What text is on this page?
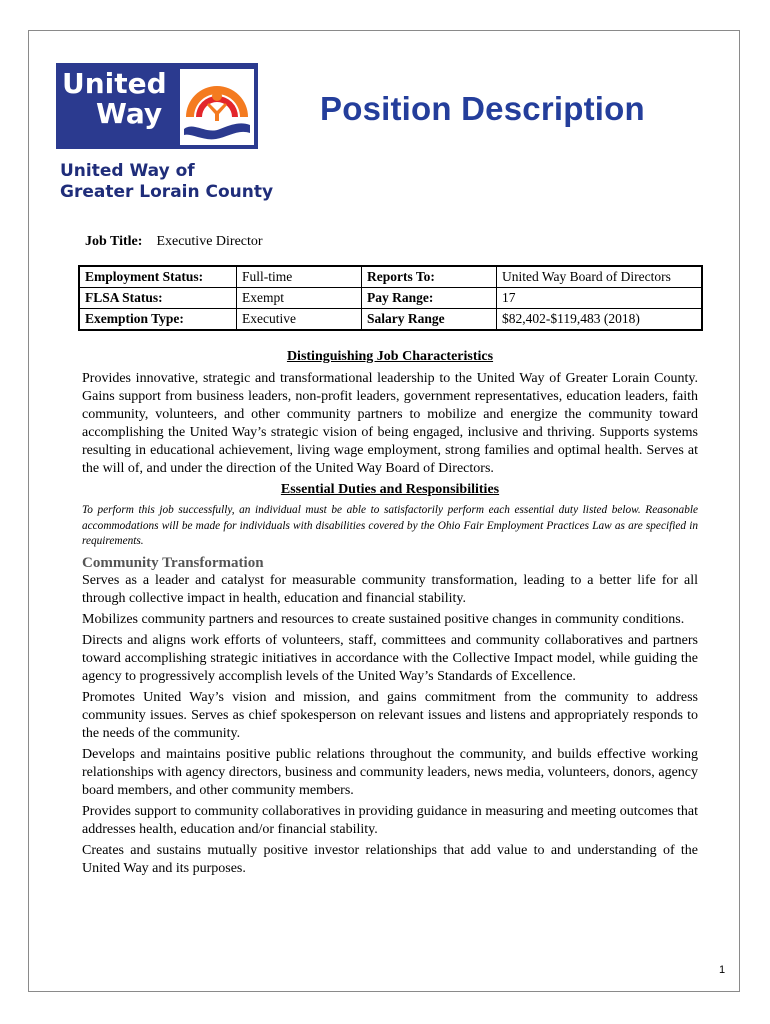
United
Way
®
United Way of
Greater Lorain County
Position Description
Job Title: Executive Director
Employment Status:	Full-time	Reports To:	United Way Board of Directors
FLSA Status:	Exempt	Pay Range:	17
Exemption Type:	Executive	Salary Range	$82,402-$119,483 (2018)

Distinguishing Job Characteristics

Provides innovative, strategic and transformational leadership to the United Way of Greater Lorain County. Gains support from business leaders, non-profit leaders, government representatives, education leaders, faith community, volunteers, and other community partners to mobilize and energize the community toward accomplishing the United Way’s strategic vision of being engaged, inclusive and thriving. Supports systems resulting in educational achievement, living wage employment, strong families and optimal health. Serves at the will of, and under the direction of the United Way Board of Directors.

Essential Duties and Responsibilities

To perform this job successfully, an individual must be able to satisfactorily perform each essential duty listed below. Reasonable accommodations will be made for individuals with disabilities covered by the Ohio Fair Employment Practices Law as are specified in requirements.

Community Transformation

Serves as a leader and catalyst for measurable community transformation, leading to a better life for all through collective impact in health, education and financial stability.

Mobilizes community partners and resources to create sustained positive changes in community conditions.

Directs and aligns work efforts of volunteers, staff, committees and community collaboratives and partners toward accomplishing strategic initiatives in accordance with the Collective Impact model, while guiding the agency to progressively accomplish levels of the United Way’s Standards of Excellence.

Promotes United Way’s vision and mission, and gains commitment from the community to address community issues. Serves as chief spokesperson on relevant issues and listens and appropriately responds to the needs of the community.

Develops and maintains positive public relations throughout the community, and builds effective working relationships with agency directors, business and community leaders, news media, volunteers, donors, agency board members, and other community members.

Provides support to community collaboratives in providing guidance in measuring and meeting outcomes that addresses health, education and/or financial stability.

Creates and sustains mutually positive investor relationships that add value to and understanding of the United Way and its purposes.

1
